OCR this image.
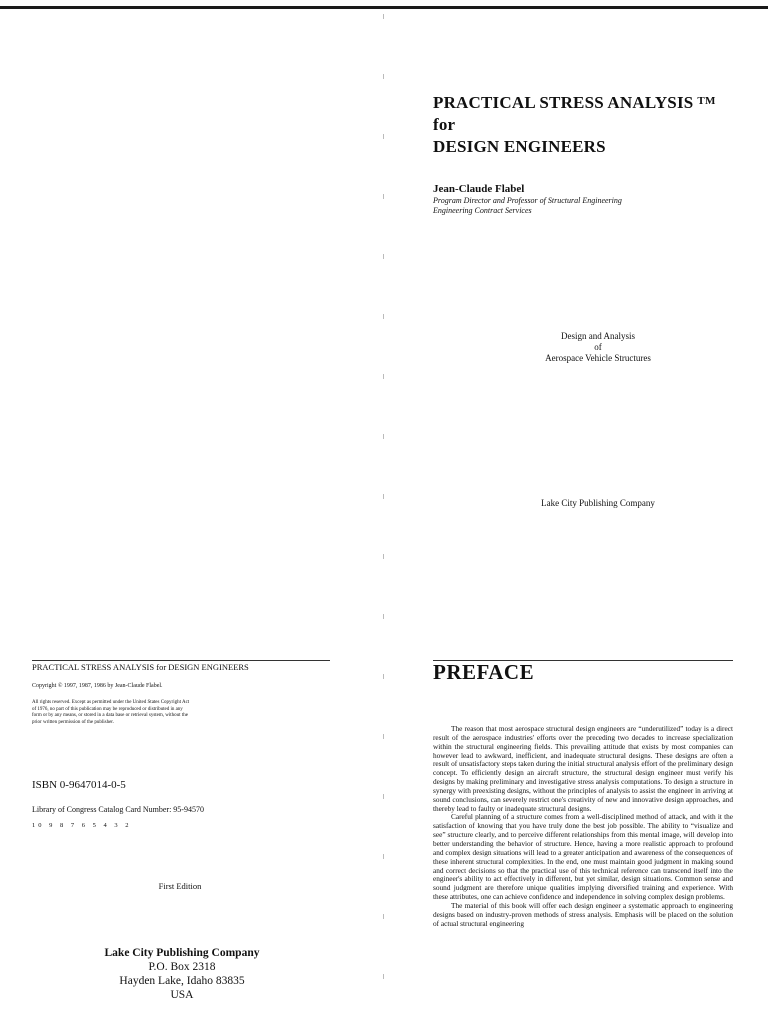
PRACTICAL STRESS ANALYSIS ™
for
DESIGN ENGINEERS
Jean-Claude Flabel
Program Director and Professor of Structural Engineering
Engineering Contract Services
Design and Analysis
of
Aerospace Vehicle Structures
Lake City Publishing Company
PREFACE

The reason that most aerospace structural design engineers are “underutilized” today is a direct result of the aerospace industries' efforts over the preceding two decades to increase specialization within the structural engineering fields. This prevailing attitude that exists by most companies can however lead to awkward, inefficient, and inadequate structural designs. These designs are often a result of unsatisfactory steps taken during the initial structural analysis effort of the preliminary design concept. To efficiently design an aircraft structure, the structural design engineer must verify his designs by making preliminary and investigative stress analysis computations. To design a structure in synergy with preexisting designs, without the principles of analysis to assist the engineer in arriving at sound conclusions, can severely restrict one's creativity of new and innovative design approaches, and thereby lead to faulty or inadequate structural designs.

Careful planning of a structure comes from a well-disciplined method of attack, and with it the satisfaction of knowing that you have truly done the best job possible. The ability to “visualize and see” structure clearly, and to perceive different relationships from this mental image, will develop into better understanding the behavior of structure. Hence, having a more realistic approach to profound and complex design situations will lead to a greater anticipation and awareness of the consequences of these inherent structural complexities. In the end, one must maintain good judgment in making sound and correct decisions so that the practical use of this technical reference can transcend itself into the engineer's ability to act effectively in different, but yet similar, design situations. Common sense and sound judgment are therefore unique qualities implying diversified training and experience. With these attributes, one can achieve confidence and independence in solving complex design problems.

The material of this book will offer each design engineer a systematic approach to engineering designs based on industry-proven methods of stress analysis. Emphasis will be placed on the solution of actual structural engineering

PRACTICAL STRESS ANALYSIS for DESIGN ENGINEERS
Copyright © 1997, 1987, 1986 by Jean-Claude Flabel.
All rights reserved. Except as permitted under the United States Copyright Act of 1976, no part of this publication may be reproduced or distributed in any form or by any means, or stored in a data base or retrieval system, without the prior written permission of the publisher.
ISBN 0-9647014-0-5
Library of Congress Catalog Card Number: 95-94570
10 9 8 7 6 5 4 3 2
First Edition
Lake City Publishing Company
P.O. Box 2318
Hayden Lake, Idaho 83835
USA
